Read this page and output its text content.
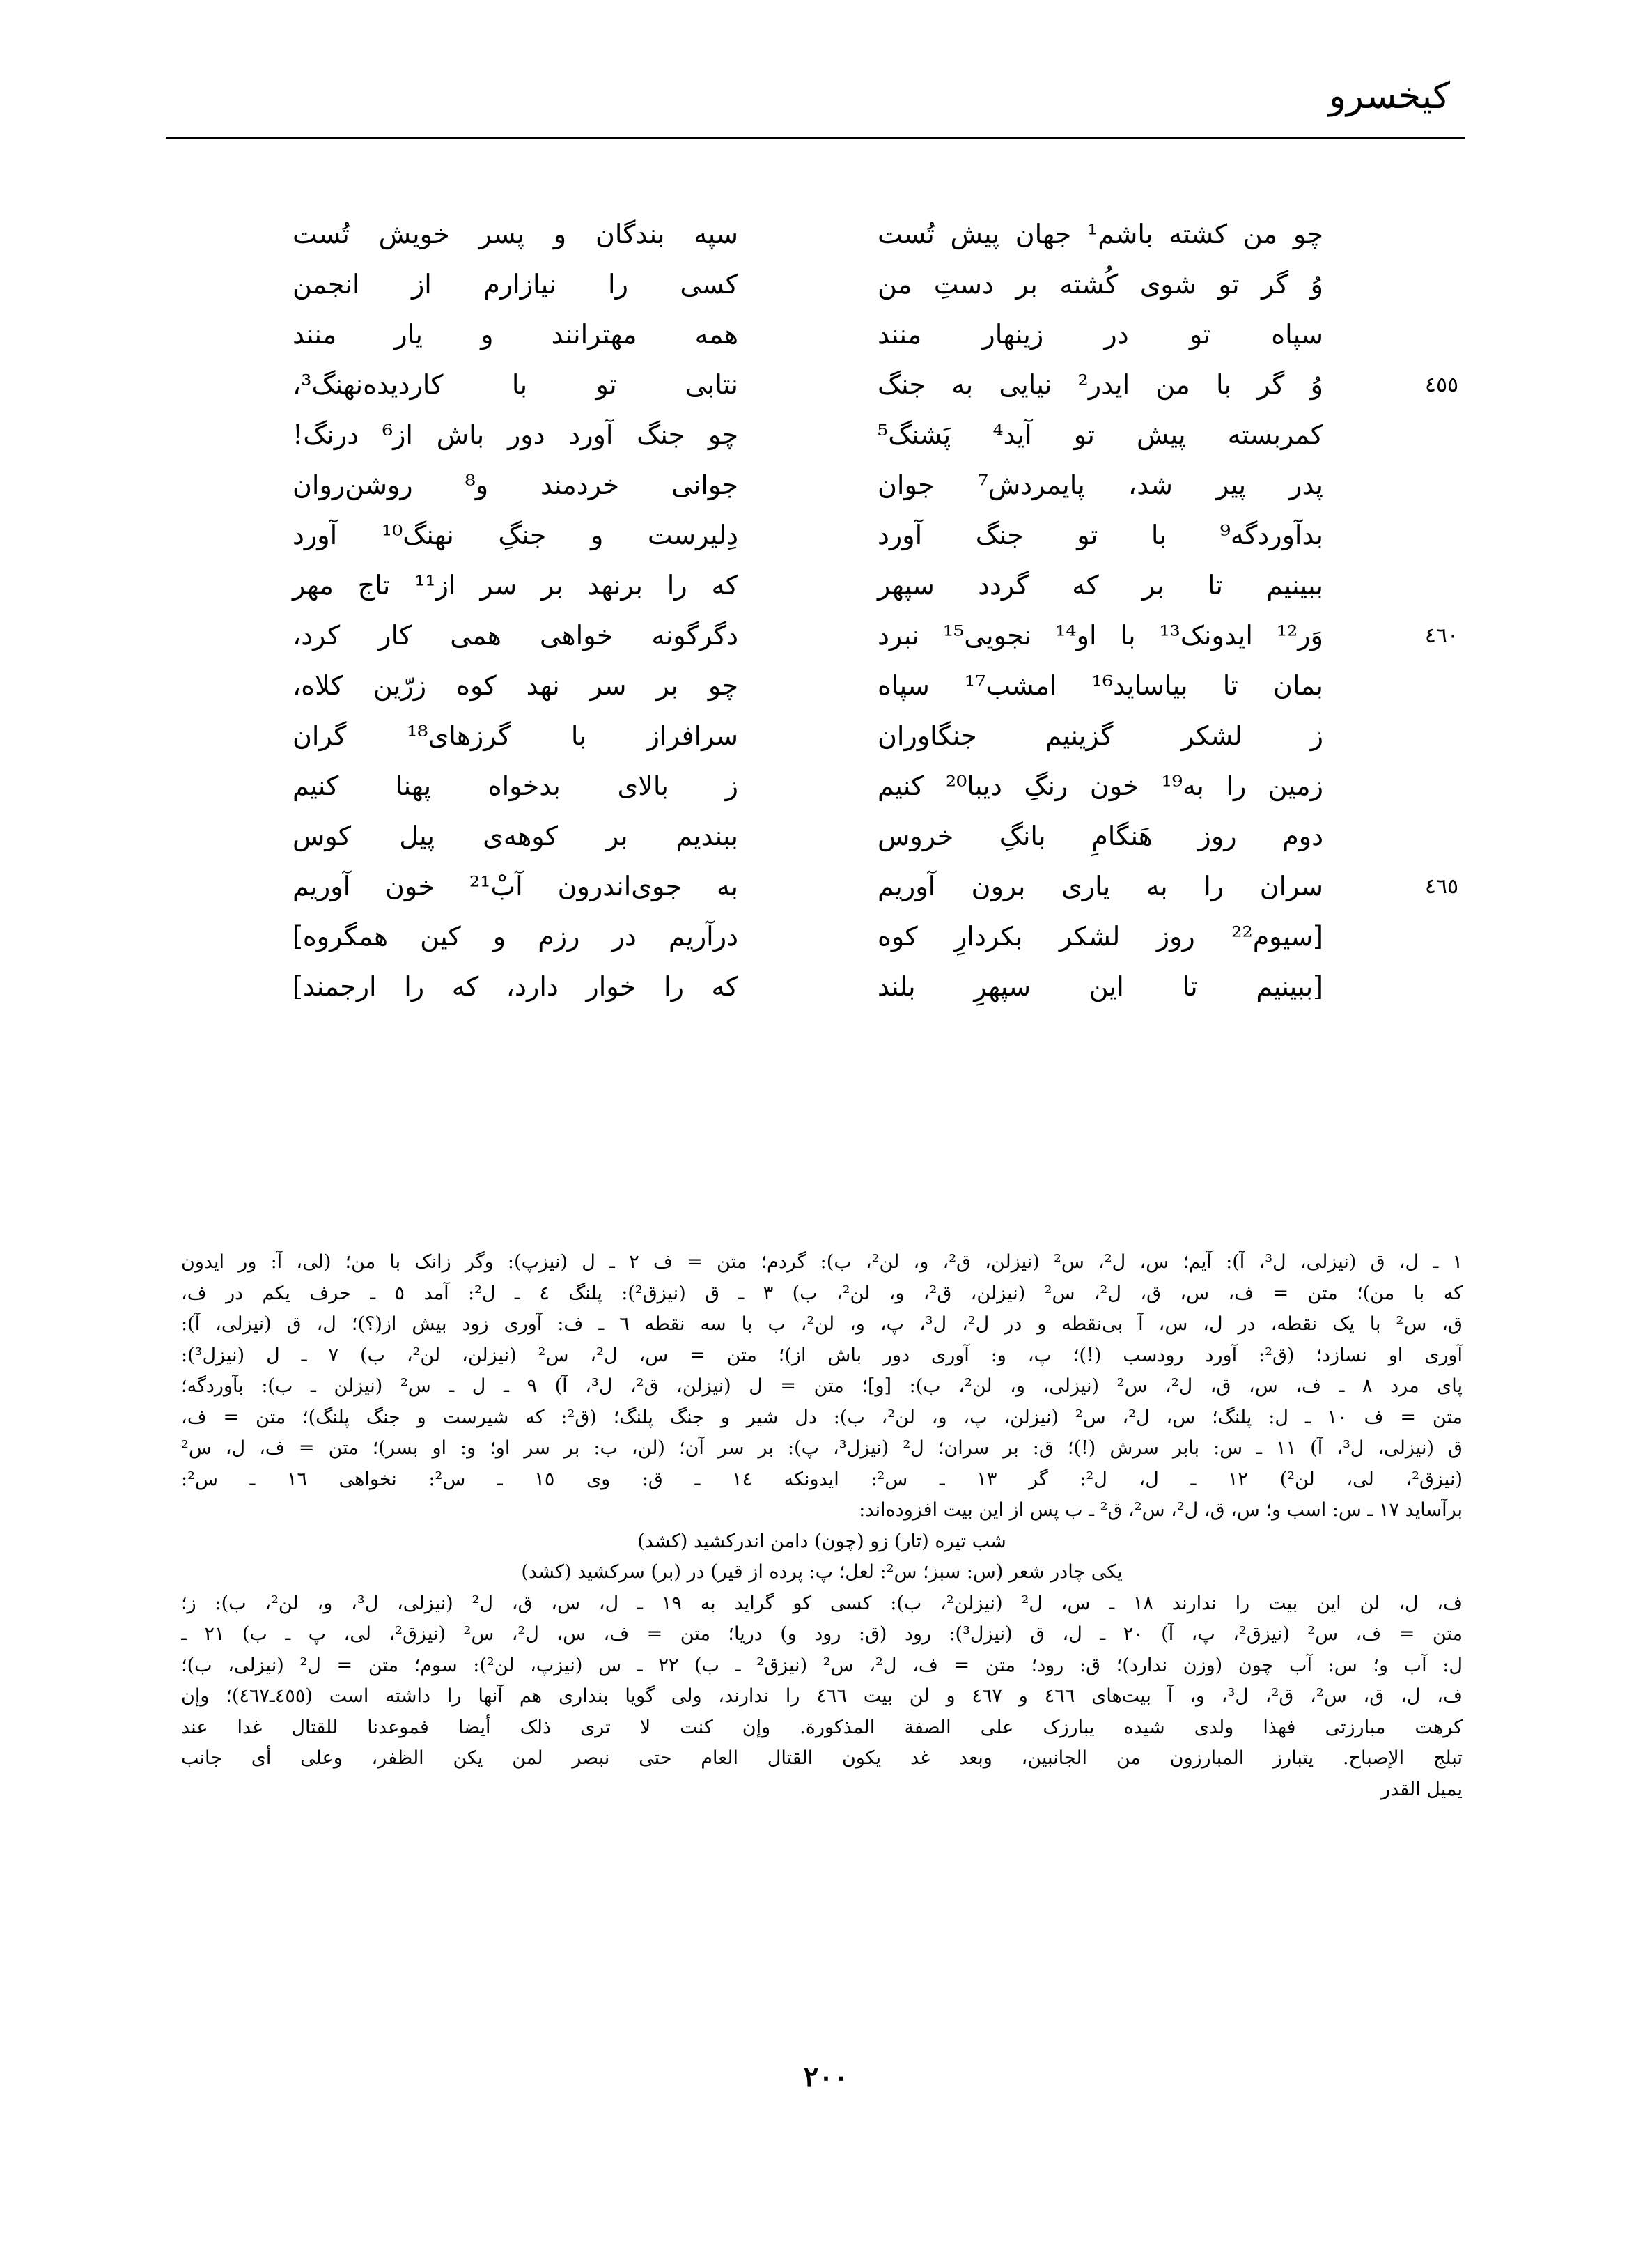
کیخسرو
چو من کشته باشم¹ جهان پیش تُست
سپه بندگان و پسر خویش تُست
وُ گر تو شوی کُشته بر دستِ من
کسی را نیازارم از انجمن
سپاه تو در زینهار منند
همه مهترانند و یار منند
وُ گر با من ایدر² نیایی به جنگ
نتابی تو با کاردیده‌نهنگ³،	٤٥٥
کمربسته پیش تو آید⁴ پَشنگ⁵
چو جنگ آورد دور باش از⁶ درنگ!
پدر پیر شد، پایمردش⁷ جوان
جوانی خردمند و⁸ روشن‌روان
بدآوردگه⁹ با تو جنگ آورد
دِلیرست و جنگِ نهنگ¹⁰ آورد
ببینیم تا بر که گردد سپهر
که را برنهد بر سر از¹¹ تاج مهر
وَر¹² ایدونک¹³ با او¹⁴ نجویی¹⁵ نبرد
دگرگونه خواهی همی کار کرد،	٤٦٠
بمان تا بیاساید¹⁶ امشب¹⁷ سپاه
چو بر سر نهد کوه زرّین کلاه،
ز لشکر گزینیم جنگاوران
سرافراز با گرزهای¹⁸ گران
زمین را به¹⁹ خون رنگِ دیبا²⁰ کنیم
ز بالای بدخواه پهنا کنیم
دوم روز هَنگامِ بانگِ خروس
ببندیم بر کوهه‌ی پیل کوس
سران را به یاری برون آوریم
به جوی‌اندرون آبْ²¹ خون آوریم	٤٦٥
[سیوم²² روز لشکر بکردارِ کوه
درآریم در رزم و کین همگروه]
[ببینیم تا این سپهرِ بلند
که را خوار دارد، که را ارجمند]
١ ـ ل، ق (نیزلی، ل³، آ): آیم؛ س، ل²، س² (نیزلن، ق²، و، لن²، ب): گردم؛ متن = ف ٢ ـ ل (نیزپ): وگر زانک با من؛ (لی، آ: ور ایدون
که با من)؛ متن = ف، س، ق، ل²، س² (نیزلن، ق²، و، لن²، ب) ٣ ـ ق (نیزق²): پلنگ ٤ ـ ل²: آمد ٥ ـ حرف یکم در ف،
ق، س² با یک نقطه، در ل، س، آ بی‌نقطه و در ل²، ل³، پ، و، لن²، ب با سه نقطه ٦ ـ ف: آوری زود بیش از(؟)؛ ل، ق (نیزلی، آ):
آوری او نسازد؛ (ق²: آورد رودسب (!)؛ پ، و: آوری دور باش از)؛ متن = س، ل²، س² (نیزلن، لن²، ب) ٧ ـ ل (نیزل³):
پای مرد ٨ ـ ف، س، ق، ل²، س² (نیزلی، و، لن²، ب): [و]؛ متن = ل (نیزلن، ق²، ل³، آ) ٩ ـ ل ـ س² (نیزلن ـ ب): بآوردگه؛
متن = ف ١٠ ـ ل: پلنگ؛ س، ل²، س² (نیزلن، پ، و، لن²، ب): دل شیر و جنگ پلنگ؛ (ق²: که شیرست و جنگ پلنگ)؛ متن = ف،
ق (نیزلی، ل³، آ) ١١ ـ س: بابر سرش (!)؛ ق: بر سران؛ ل² (نیزل³، پ): بر سر آن؛ (لن، ب: بر سر او؛ و: او بسر)؛ متن = ف، ل، س²
(نیزق²، لی، لن²) ١٢ ـ ل، ل²: گر ١٣ ـ س²: ایدونکه ١٤ ـ ق: وی ١٥ ـ س²: نخواهی ١٦ ـ س²:
برآساید ١٧ ـ س: اسب و؛ س، ق، ل²، س²، ق² ـ ب پس از این بیت افزوده‌اند:
شب تیره (تار) زو (چون) دامن اندرکشید (کشد)
یکی چادر شعر (س: سبز؛ س²: لعل؛ پ: پرده از قیر) در (بر) سرکشید (کشد)
ف، ل، لن این بیت را ندارند ١٨ ـ س، ل² (نیزلن²، ب): کسی کو گراید به ١٩ ـ ل، س، ق، ل² (نیزلی، ل³، و، لن²، ب): ز؛
متن = ف، س² (نیزق²، پ، آ) ٢٠ ـ ل، ق (نیزل³): رود (ق: رود و) دریا؛ متن = ف، س، ل²، س² (نیزق²، لی، پ ـ ب) ٢١ ـ
ل: آب و؛ س: آب چون (وزن ندارد)؛ ق: رود؛ متن = ف، ل²، س² (نیزق² ـ ب) ٢٢ ـ س (نیزپ، لن²): سوم؛ متن = ل² (نیزلی، ب)؛
ف، ل، ق، س²، ق²، ل³، و، آ بیت‌های ٤٦٦ و ٤٦٧ و لن بیت ٤٦٦ را ندارند، ولی گویا بنداری هم آنها را داشته است (٤٥٥ـ٤٦٧)؛ وإن
کرهت مبارزتی فهذا ولدی شیده یبارزک علی الصفة المذکورة. وإن کنت لا تری ذلک أیضا فموعدنا للقتال غدا عند
تبلج الإصباح. یتبارز المبارزون من الجانبین، وبعد غد یکون القتال العام حتی نبصر لمن یکن الظفر، وعلی أی جانب
یمیل القدر
٢٠٠
